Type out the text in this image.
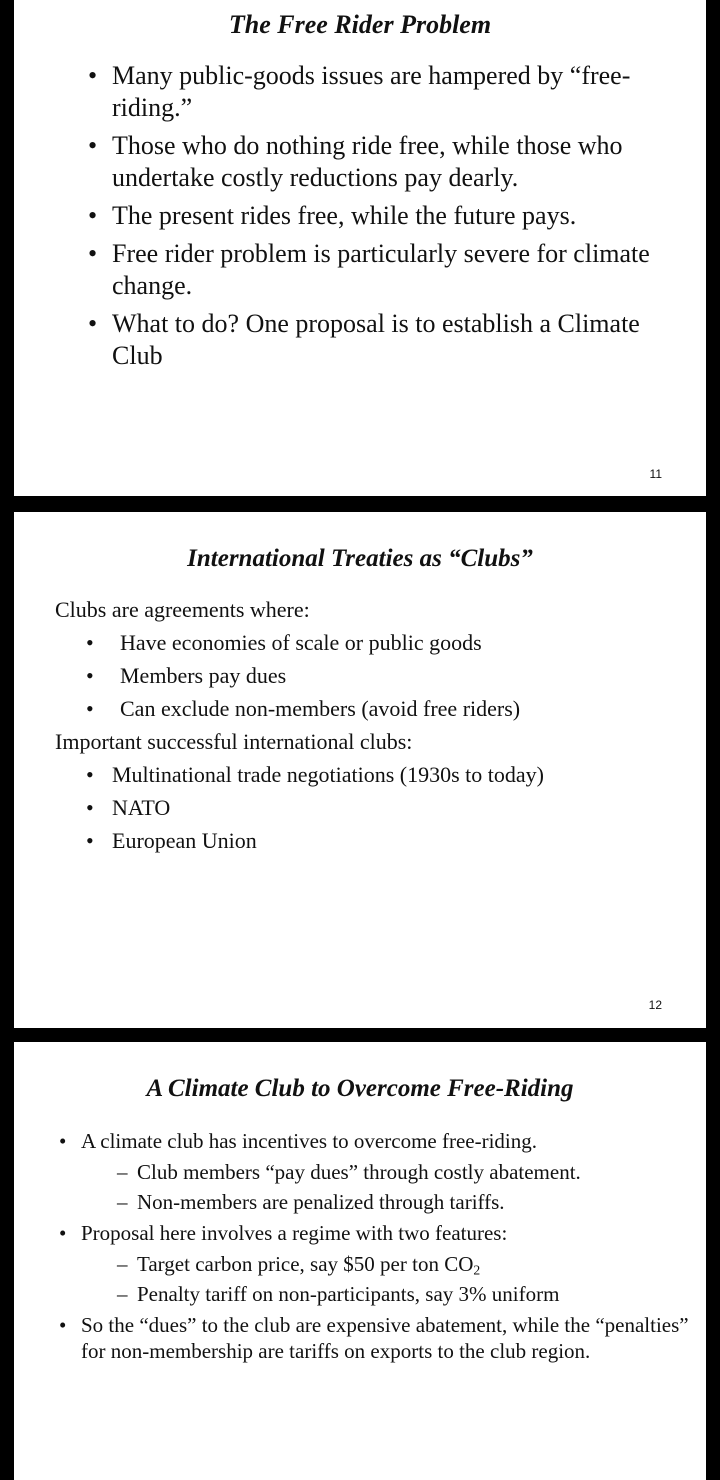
The Free Rider Problem
• Many public-goods issues are hampered by “free-riding.”
• Those who do nothing ride free, while those who undertake costly reductions pay dearly.
• The present rides free, while the future pays.
• Free rider problem is particularly severe for climate change.
• What to do? One proposal is to establish a Climate Club
11
International Treaties as “Clubs”

Clubs are agreements where:

• Have economies of scale or public goods
• Members pay dues
• Can exclude non-members (avoid free riders)

Important successful international clubs:

• Multinational trade negotiations (1930s to today)
• NATO
• European Union
12
A Climate Club to Overcome Free-Riding
• A climate club has incentives to overcome free-riding.
– Club members “pay dues” through costly abatement.
– Non-members are penalized through tariffs.
• Proposal here involves a regime with two features:
– Target carbon price, say $50 per ton $CO_2$
– Penalty tariff on non-participants, say 3% uniform
• So the “dues” to the club are expensive abatement, while the “penalties” for non-membership are tariffs on exports to the club region.
